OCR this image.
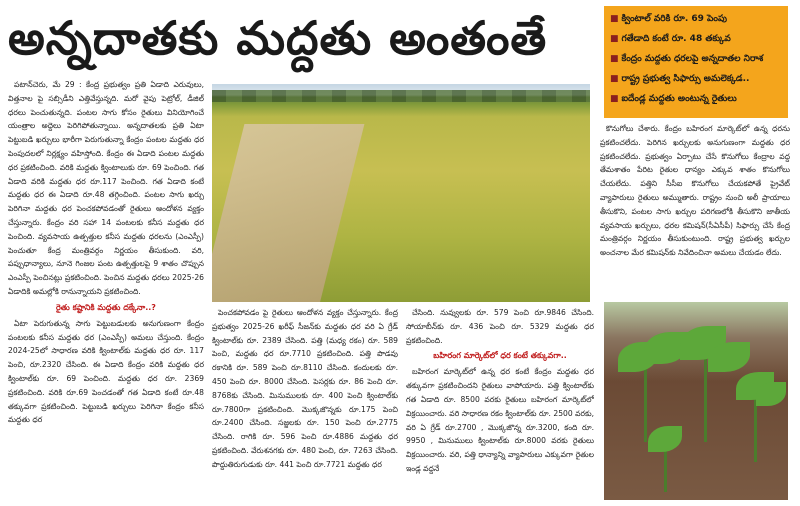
అన్నదాతకు మద్దతు అంతంతే	■ క్వింటాల్ వరికి రూ. 69 పెంపు
■ గతేడాది కంటే రూ. 48 తక్కువ
■ కేంద్రం మద్దతు ధరలపై అన్నదాతల నిరాశ
■ రాష్ట్ర ప్రభుత్వ సిఫార్సు అమలెక్కడ..
■ ఐదేండ్ల మద్దతు అంటున్న రైతులు

పటాన్‌చెరు, మే 29 : కేంద్ర ప్రభుత్వం ప్రతి ఏడాది ఎరువులు, విత్తనాల పై సబ్సిడీని ఎత్తివేస్తున్నది. మరో వైపు పెట్రోల్, డీజిల్ ధరలు పెంచుతున్నది. పంటల సాగు కోసం రైతులు వినియోగించే యంత్రాల అద్దెలు పెరిగిపోతున్నాయి. అన్నదాతలకు ప్రతి ఏటా పెట్టుబడి ఖర్చులు భారీగా పెరుగుతున్నా కేంద్రం పంటల మద్దతు ధర పెంపుదలలో నిర్లక్ష్యం వహిస్తోంది. కేంద్రం ఈ ఏడాది పంటల మద్దతు ధర ప్రకటించింది. వరికి మద్దతు క్వింటాలుకు రూ. 69 పెంచింది. గత ఏడాది వరికి మద్దతు ధర రూ.117 పెంచింది. గత ఏడాది కంటే మద్దతు ధర ఈ ఏడాది రూ.48 తగ్గించింది. పంటల సాగు ఖర్చు పెరిగినా మద్దతు ధర పెంచకపోవడంతో రైతులు ఆందోళన వ్యక్తం చేస్తున్నారు. కేంద్రం వరి సహా 14 పంటలకు కనీస మద్దతు ధర పెంచింది. వ్యవసాయ ఉత్పత్తుల కనీస మద్దతు ధరలను (ఎంఎస్పీ) పెంచుతూ కేంద్ర మంత్రివర్గం నిర్ణయం తీసుకుంది. వరి, పప్పుధాన్యాలు, నూనె గింజల పంట ఉత్పత్తులపై 9 శాతం చొప్పున ఎంఎస్పీ పెంచినట్లు ప్రకటించింది. పెంచిన మద్దతు ధరలు 2025-26 ఏడాదికి అమల్లోకి రానున్నాయని ప్రకటించింది.

రైతు కష్టానికి మద్దతు దక్కేనా..?

ఏటా పెరుగుతున్న సాగు పెట్టుబడులకు అనుగుణంగా కేంద్రం పంటలకు కనీస మద్దతు ధర (ఎంఎస్పీ) అమలు చేస్తుంది. కేంద్రం 2024-25లో సాధారణ వరికి క్వింటాల్‌కు మద్దతు ధర రూ. 117 పెంచి, రూ.2320 చేసింది. ఈ ఏడాది కేంద్రం వరికి మద్దతు ధర క్వింటాల్‌కు రూ. 69 పెంచింది. మద్దతు ధర రూ. 2369 ప్రకటించింది. వరికి రూ.69 పెంచడంతో గత ఏడాది కంటే రూ.48 తక్కువగా ప్రకటించింది. పెట్టుబడి ఖర్చులు పెరిగినా కేంద్రం కనీస మద్దతు ధర

పెంచకపోవడం పై రైతులు ఆందోళన వ్యక్తం చేస్తున్నారు. కేంద్ర ప్రభుత్వం 2025-26 ఖరీఫ్ సీజన్‌కు మద్దతు ధర వరి ఏ గ్రేడ్ క్వింటాల్‌కు రూ. 2389 చేసింది. పత్తి (మధ్య రకం) రూ. 589 పెంచి, మద్దతు ధర రూ.7710 ప్రకటించింది. పత్తి పొడవు రకానికి రూ. 589 పెంచి రూ.8110 చేసింది. కందులకు రూ. 450 పెంచి రూ. 8000 చేసింది. పెసర్లకు రూ. 86 పెంచి రూ. 8768కు చేసింది. మినుములకు రూ. 400 పెంచి క్వింటాల్‌కు రూ.7800గా ప్రకటించింది. మొక్కజొన్నకు రూ.175 పెంచి రూ.2400 చేసింది. సజ్జలకు రూ. 150 పెంచి రూ.2775 చేసింది. రాగికి రూ. 596 పెంచి రూ.4886 మద్దతు ధర ప్రకటించింది. వేరుశనగకు రూ. 480 పెంచి, రూ. 7263 చేసింది. పొద్దుతిరుగుడుకు రూ. 441 పెంచి రూ.7721 మద్దతు ధర

చేసింది. నువ్వులకు రూ. 579 పెంచి రూ.9846 చేసింది. సోయాబీన్‌కు రూ. 436 పెంచి రూ. 5329 మద్దతు ధర ప్రకటించింది.

బహిరంగ మార్కెట్‌లో ధర కంటే తక్కువగా..

బహిరంగ మార్కెట్‌లో ఉన్న ధర కంటే కేంద్రం మద్దతు ధర తక్కువగా ప్రకటించిందని రైతులు వాపోయారు. పత్తి క్వింటాల్‌కు గత ఏడాది రూ. 8500 వరకు రైతులు బహిరంగ మార్కెట్‌లో విక్రయించారు. వరి సాధారణ రకం క్వింటాల్‌కు రూ. 2500 వరకు, వరి ఏ గ్రేడ్ రూ.2700 , మొక్కజొన్న రూ.3200, కంది రూ. 9950 , మినుములు క్వింటాల్‌కు రూ.8000 వరకు రైతులు విక్రయించారు. వరి, పత్తి ధాన్యాన్ని వ్యాపారులు ఎక్కువగా రైతుల ఇండ్ల వద్దనే

కొనుగోలు చేశారు. కేంద్రం బహిరంగ మార్కెట్‌లో ఉన్న ధరను ప్రకటించలేదు. పెరిగిన ఖర్చులకు అనుగుణంగా మద్దతు ధర ప్రకటించలేదు. ప్రభుత్వం ఏర్పాటు చేసే కొనుగోలు కేంద్రాల వద్ద తేమశాతం పేరిట రైతుల ధాన్యం ఎక్కువ శాతం కొనుగోలు చేయలేదు. పత్తిని సీసీఐ కొనుగోలు చేయకపోతే ప్రైవేట్ వ్యాపారులు రైతులు అమ్ముతారు. రాష్ట్రం నుంచి అలీ ప్రాయాలు తీసుకొని, పంటల సాగు ఖర్చుల పరిగణలోకి తీసుకొని జాతీయ వ్యవసాయ ఖర్చులు, ధరల కమిషన్(సీఏసీపీ) సిఫార్సు చేసే కేంద్ర మంత్రివర్గం నిర్ణయం తీసుకుంటుంది. రాష్ట్ర ప్రభుత్వ ఖర్చుల అంచనాల మేర కమిషన్‌కు నివేదించినా అమలు చేయడం లేదు.
